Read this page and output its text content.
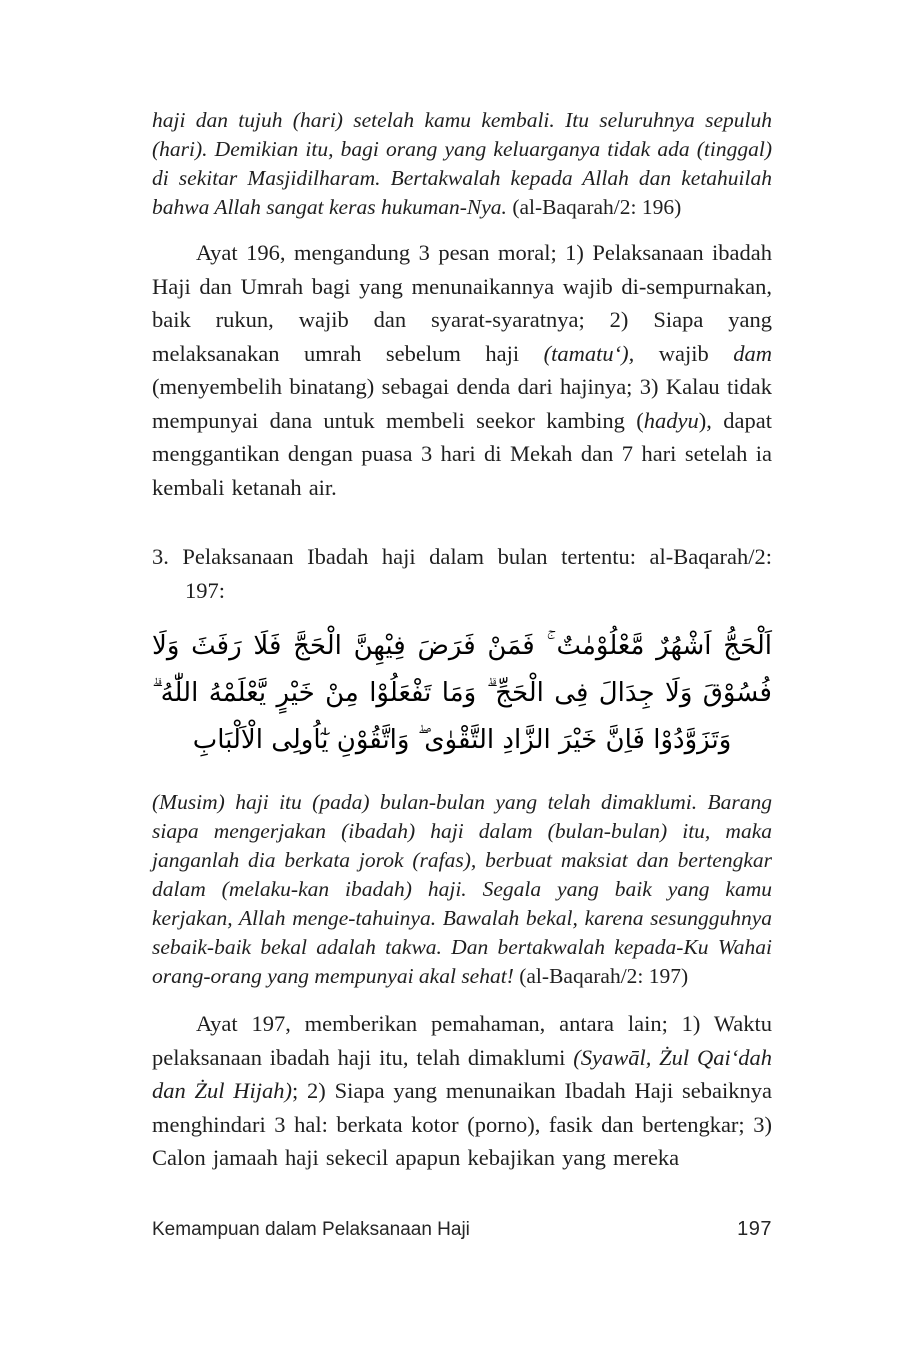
haji dan tujuh (hari) setelah kamu kembali. Itu seluruhnya sepuluh (hari). Demikian itu, bagi orang yang keluarganya tidak ada (tinggal) di sekitar Masjidilharam. Bertakwalah kepada Allah dan ketahuilah bahwa Allah sangat keras hukuman-Nya. (al-Baqarah/2: 196)

Ayat 196, mengandung 3 pesan moral; 1) Pelaksanaan ibadah Haji dan Umrah bagi yang menunaikannya wajib di-sempurnakan, baik rukun, wajib dan syarat-syaratnya; 2) Siapa yang melaksanakan umrah sebelum haji (tamatu‘), wajib dam (menyembelih binatang) sebagai denda dari hajinya; 3) Kalau tidak mempunyai dana untuk membeli seekor kambing (hadyu), dapat menggantikan dengan puasa 3 hari di Mekah dan 7 hari setelah ia kembali ketanah air.

3. Pelaksanaan Ibadah haji dalam bulan tertentu: al-Baqarah/2: 197:

اَلْحَجُّ اَشْهُرٌ مَّعْلُوْمٰتٌ ۚ فَمَنْ فَرَضَ فِيْهِنَّ الْحَجَّ فَلَا رَفَثَ وَلَا فُسُوْقَ وَلَا جِدَالَ فِى الْحَجِّ ۗ وَمَا تَفْعَلُوْا مِنْ خَيْرٍ يَّعْلَمْهُ اللّٰهُ ۗ وَتَزَوَّدُوْا فَاِنَّ خَيْرَ الزَّادِ التَّقْوٰى ۖ وَاتَّقُوْنِ يٰٓاُولِى الْاَلْبَابِ

(Musim) haji itu (pada) bulan-bulan yang telah dimaklumi. Barang siapa mengerjakan (ibadah) haji dalam (bulan-bulan) itu, maka janganlah dia berkata jorok (rafas), berbuat maksiat dan bertengkar dalam (melaku-kan ibadah) haji. Segala yang baik yang kamu kerjakan, Allah menge-tahuinya. Bawalah bekal, karena sesungguhnya sebaik-baik bekal adalah takwa. Dan bertakwalah kepada-Ku Wahai orang-orang yang mempunyai akal sehat! (al-Baqarah/2: 197)

Ayat 197, memberikan pemahaman, antara lain; 1) Waktu pelaksanaan ibadah haji itu, telah dimaklumi (Syawāl, Żul Qai‘dah dan Żul Hijah); 2) Siapa yang menunaikan Ibadah Haji sebaiknya menghindari 3 hal: berkata kotor (porno), fasik dan bertengkar; 3) Calon jamaah haji sekecil apapun kebajikan yang mereka

Kemampuan dalam Pelaksanaan Haji	197
